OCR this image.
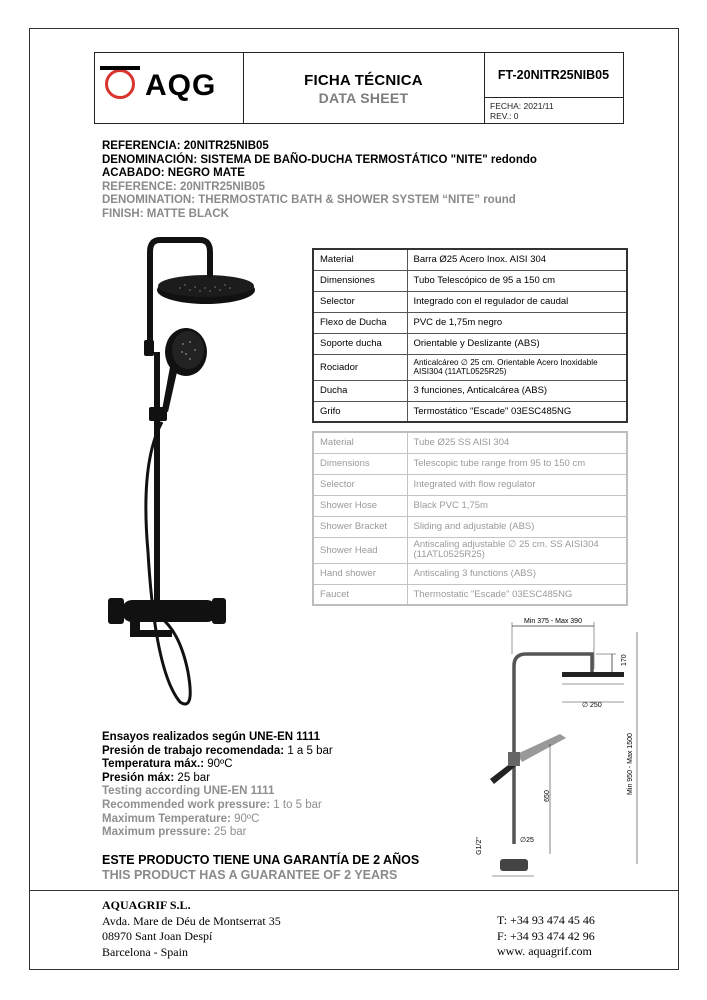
AQG	FICHA TÉCNICA
DATA SHEET
FT-20NITR25NIB05
FECHA: 2021/11
REV.: 0
REFERENCIA: 20NITR25NIB05
DENOMINACIÓN: SISTEMA DE BAÑO-DUCHA TERMOSTÁTICO "NITE" redondo
ACABADO: NEGRO MATE
REFERENCE: 20NITR25NIB05
DENOMINATION: THERMOSTATIC BATH & SHOWER SYSTEM “NITE” round
FINISH: MATTE BLACK
Material	Barra Ø25 Acero Inox. AISI 304
Dimensiones	Tubo Telescópico de 95 a 150 cm
Selector	Integrado con el regulador de caudal
Flexo de Ducha	PVC de 1,75m negro
Soporte ducha	Orientable y Deslizante (ABS)
Rociador	Anticalcáreo ∅ 25 cm. Orientable Acero Inoxidable AISI304 (11ATL0525R25)
Ducha	3 funciones, Anticalcárea (ABS)
Grifo	Termostático "Escade" 03ESC485NG
Material	Tube Ø25 SS AISI 304
Dimensions	Telescopic tube range from 95 to 150 cm
Selector	Integrated with flow regulator
Shower Hose	Black PVC 1,75m
Shower Bracket	Sliding and adjustable (ABS)
Shower Head	Antiscaling adjustable ∅ 25 cm. SS AISI304 (11ATL0525R25)
Hand shower	Antiscaling 3 functions (ABS)
Faucet	Thermostatic "Escade" 03ESC485NG
Min 375 - Max 390
170
∅ 250
Min 950 - Max 1500
650
∅25
G1/2"
Ensayos realizados según UNE-EN 1111
Presión de trabajo recomendada: 1 a 5 bar
Temperatura máx.: 90ºC
Presión máx: 25 bar
Testing according UNE-EN 1111
Recommended work pressure: 1 to 5 bar
Maximum Temperature: 90ºC
Maximum pressure: 25 bar
ESTE PRODUCTO TIENE UNA GARANTÍA DE 2 AÑOS
THIS PRODUCT HAS A GUARANTEE OF 2 YEARS
AQUAGRIF S.L.
Avda. Mare de Déu de Montserrat 35
08970 Sant Joan Despí
Barcelona - Spain
T: +34 93 474 45 46
F: +34 93 474 42 96
www. aquagrif.com
